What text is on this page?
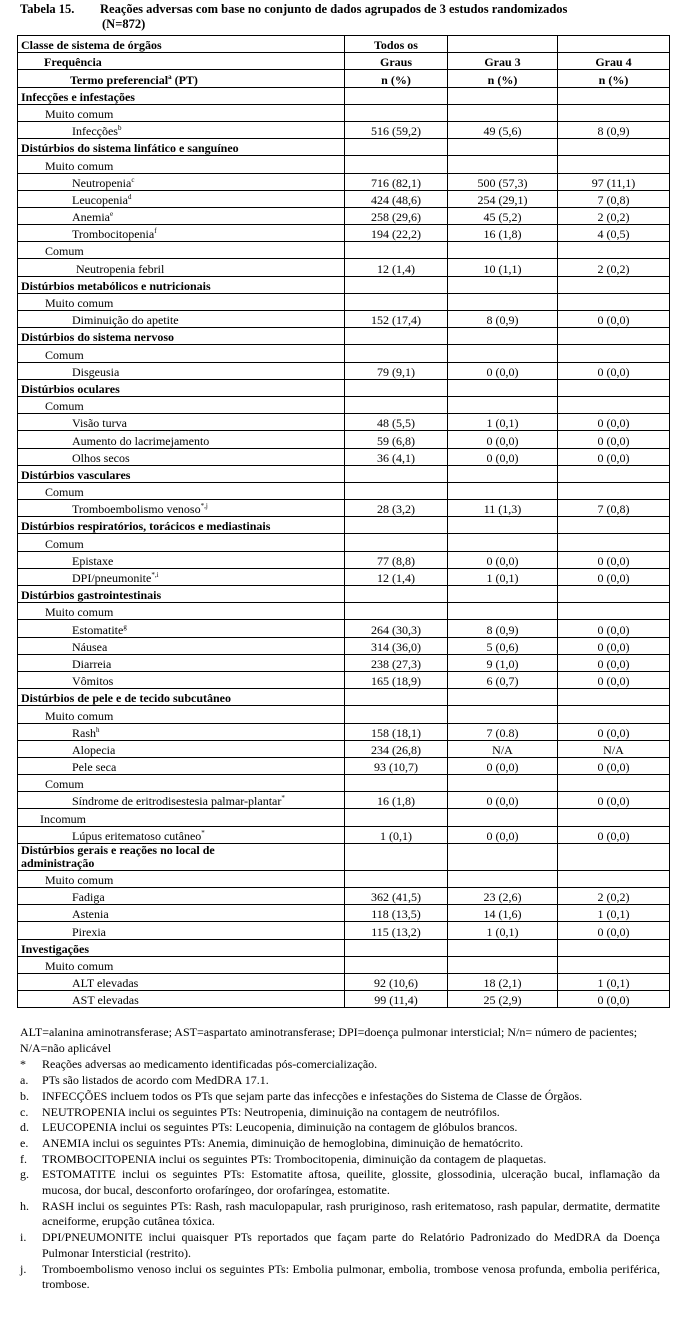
Tabela 15. Reações adversas com base no conjunto de dados agrupados de 3 estudos randomizados
(N=872)
Classe de sistema de órgãos	Todos os		
Frequência	Graus	Grau 3	Grau 4
Termo preferencial$^a$ (PT)	n (%)	n (%)	n (%)
Infecções e infestações			
Muito comum			
Infecções$^b$	516 (59,2)	49 (5,6)	8 (0,9)
Distúrbios do sistema linfático e sanguíneo			
Muito comum			
Neutropenia$^c$	716 (82,1)	500 (57,3)	97 (11,1)
Leucopenia$^d$	424 (48,6)	254 (29,1)	7 (0,8)
Anemia$^e$	258 (29,6)	45 (5,2)	2 (0,2)
Trombocitopenia$^f$	194 (22,2)	16 (1,8)	4 (0,5)
Comum			
Neutropenia febril	12 (1,4)	10 (1,1)	2 (0,2)
Distúrbios metabólicos e nutricionais			
Muito comum			
Diminuição do apetite	152 (17,4)	8 (0,9)	0 (0,0)
Distúrbios do sistema nervoso			
Comum			
Disgeusia	79 (9,1)	0 (0,0)	0 (0,0)
Distúrbios oculares			
Comum			
Visão turva	48 (5,5)	1 (0,1)	0 (0,0)
Aumento do lacrimejamento	59 (6,8)	0 (0,0)	0 (0,0)
Olhos secos	36 (4,1)	0 (0,0)	0 (0,0)
Distúrbios vasculares			
Comum			
Tromboembolismo venoso$^{*,j}$	28 (3,2)	11 (1,3)	7 (0,8)
Distúrbios respiratórios, torácicos e mediastinais			
Comum			
Epistaxe	77 (8,8)	0 (0,0)	0 (0,0)
DPI/pneumonite$^{*,i}$	12 (1,4)	1 (0,1)	0 (0,0)
Distúrbios gastrointestinais			
Muito comum			
Estomatite$^g$	264 (30,3)	8 (0,9)	0 (0,0)
Náusea	314 (36,0)	5 (0,6)	0 (0,0)
Diarreia	238 (27,3)	9 (1,0)	0 (0,0)
Vômitos	165 (18,9)	6 (0,7)	0 (0,0)
Distúrbios de pele e de tecido subcutâneo			
Muito comum			
Rash$^h$	158 (18,1)	7 (0.8)	0 (0,0)
Alopecia	234 (26,8)	N/A	N/A
Pele seca	93 (10,7)	0 (0,0)	0 (0,0)
Comum			
Síndrome de eritrodisestesia palmar-plantar*	16 (1,8)	0 (0,0)	0 (0,0)
Incomum			
Lúpus eritematoso cutâneo*	1 (0,1)	0 (0,0)	0 (0,0)
Distúrbios gerais e reações no local de
administração			
Muito comum			
Fadiga	362 (41,5)	23 (2,6)	2 (0,2)
Astenia	118 (13,5)	14 (1,6)	1 (0,1)
Pirexia	115 (13,2)	1 (0,1)	0 (0,0)
Investigações			
Muito comum			
ALT elevadas	92 (10,6)	18 (2,1)	1 (0,1)
AST elevadas	99 (11,4)	25 (2,9)	0 (0,0)
ALT=alanina aminotransferase; AST=aspartato aminotransferase; DPI=doença pulmonar intersticial; N/n= número de pacientes; N/A=não aplicável
*	Reações adversas ao medicamento identificadas pós-comercialização.
a.	PTs são listados de acordo com MedDRA 17.1.
b.	INFECÇÕES incluem todos os PTs que sejam parte das infecções e infestações do Sistema de Classe de Órgãos.
c.	NEUTROPENIA inclui os seguintes PTs: Neutropenia, diminuição na contagem de neutrófilos.
d.	LEUCOPENIA inclui os seguintes PTs: Leucopenia, diminuição na contagem de glóbulos brancos.
e.	ANEMIA inclui os seguintes PTs: Anemia, diminuição de hemoglobina, diminuição de hematócrito.
f.	TROMBOCITOPENIA inclui os seguintes PTs: Trombocitopenia, diminuição da contagem de plaquetas.
g.	ESTOMATITE inclui os seguintes PTs: Estomatite aftosa, queilite, glossite, glossodinia, ulceração bucal, inflamação da mucosa, dor bucal, desconforto orofaríngeo, dor orofaríngea, estomatite.
h.	RASH inclui os seguintes PTs: Rash, rash maculopapular, rash pruriginoso, rash eritematoso, rash papular, dermatite, dermatite acneiforme, erupção cutânea tóxica.
i.	DPI/PNEUMONITE inclui quaisquer PTs reportados que façam parte do Relatório Padronizado do MedDRA da Doença Pulmonar Intersticial (restrito).
j.	Tromboembolismo venoso inclui os seguintes PTs: Embolia pulmonar, embolia, trombose venosa profunda, embolia periférica, trombose.
